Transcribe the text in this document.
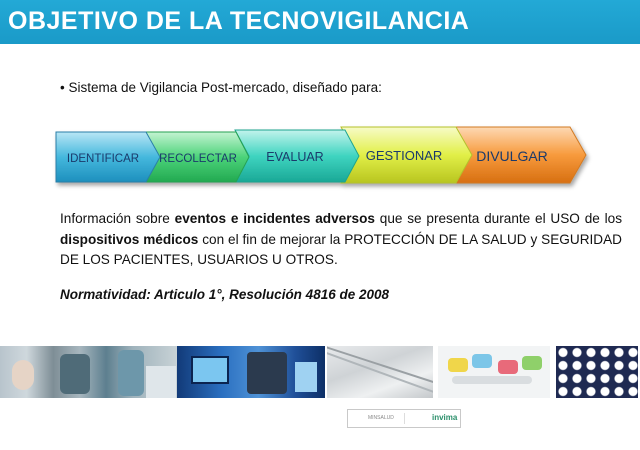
OBJETIVO DE LA TECNOVIGILANCIA
• Sistema de Vigilancia Post-mercado, diseñado para:
IDENTIFICAR RECOLECTAR EVALUAR	GESTIONAR DIVULGAR
Información sobre eventos e incidentes adversos que se presenta durante el USO de los dispositivos médicos con el fin de mejorar la PROTECCIÓN DE LA SALUD y SEGURIDAD DE LOS PACIENTES, USUARIOS U OTROS.
Normatividad: Articulo 1°, Resolución 4816 de 2008
MINSALUD	invima
